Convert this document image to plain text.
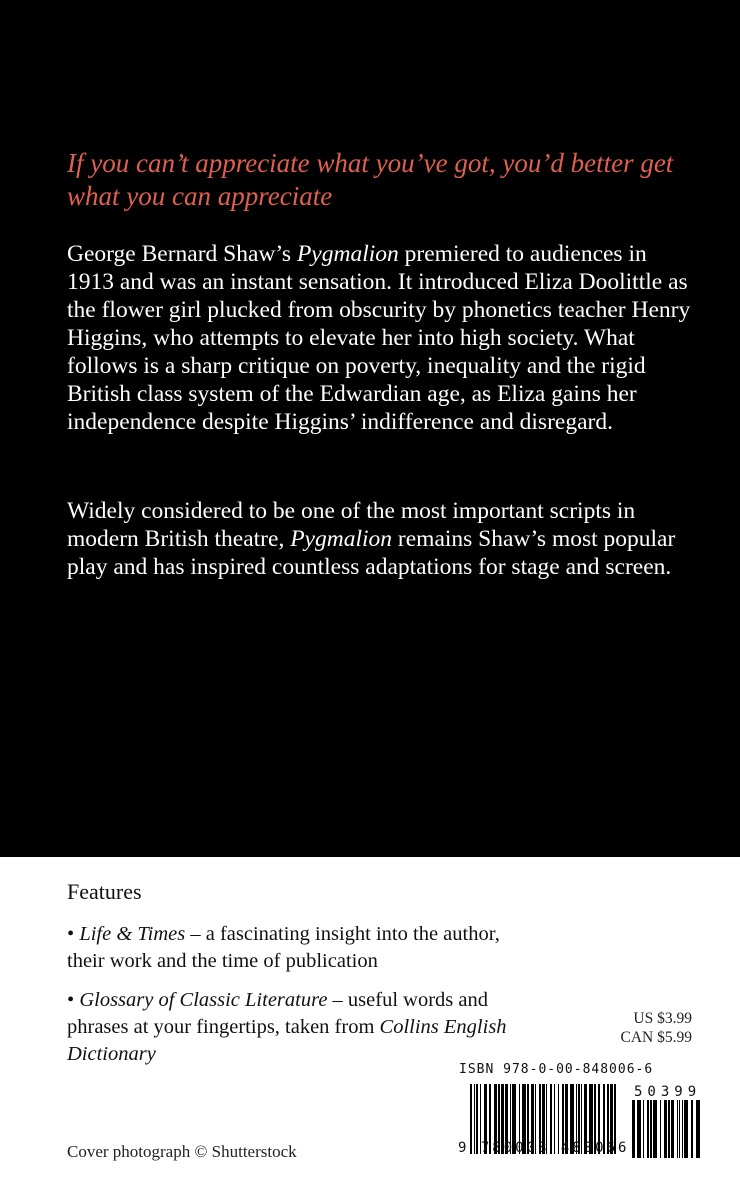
If you can’t appreciate what you’ve got, you’d better get what you can appreciate

George Bernard Shaw’s Pygmalion premiered to audiences in 1913 and was an instant sensation. It introduced Eliza Doolittle as the flower girl plucked from obscurity by phonetics teacher Henry Higgins, who attempts to elevate her into high society. What follows is a sharp critique on poverty, inequality and the rigid British class system of the Edwardian age, as Eliza gains her independence despite Higgins’ indifference and disregard.

Widely considered to be one of the most important scripts in modern British theatre, Pygmalion remains Shaw’s most popular play and has inspired countless adaptations for stage and screen.

Features

• Life & Times – a fascinating insight into the author, their work and the time of publication

• Glossary of Classic Literature – useful words and phrases at your fingertips, taken from Collins English Dictionary

US $3.99
CAN $5.99
ISBN 978-0-00-848006-6
50399
9 780008 480066
Cover photograph © Shutterstock
